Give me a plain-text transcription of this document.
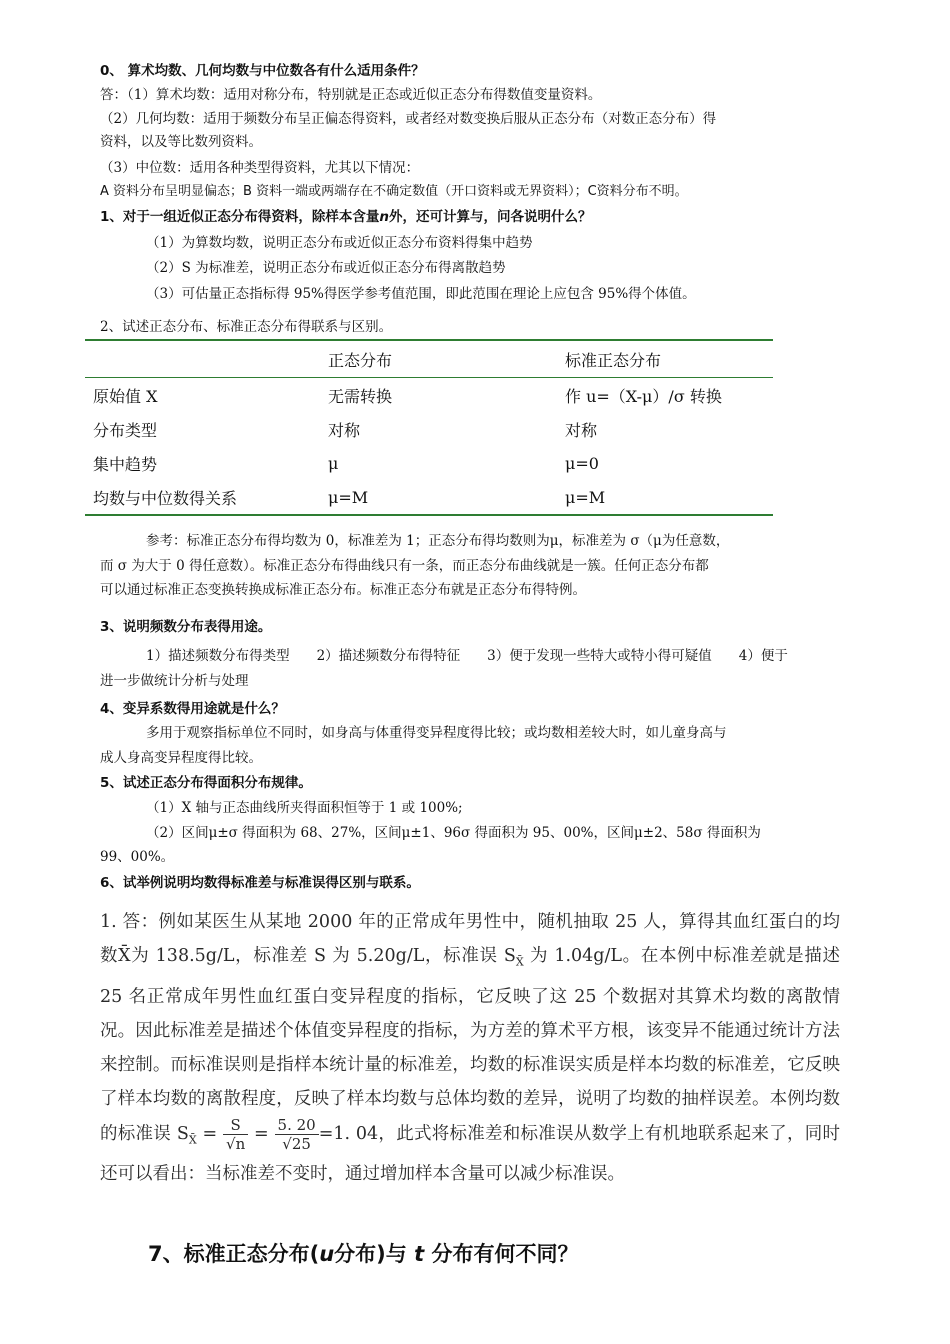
0、 算术均数、几何均数与中位数各有什么适用条件？
答：（1）算术均数：适用对称分布，特别就是正态或近似正态分布得数值变量资料。
（2）几何均数：适用于频数分布呈正偏态得资料，或者经对数变换后服从正态分布（对数正态分布）得
资料，以及等比数列资料。
（3）中位数：适用各种类型得资料，尤其以下情况：
A 资料分布呈明显偏态；B 资料一端或两端存在不确定数值（开口资料或无界资料）；C资料分布不明。
1、对于一组近似正态分布得资料，除样本含量n外，还可计算与，问各说明什么？
（1）为算数均数，说明正态分布或近似正态分布资料得集中趋势
（2）S 为标准差，说明正态分布或近似正态分布得离散趋势
（3）可估量正态指标得 95%得医学参考值范围，即此范围在理论上应包含 95%得个体值。
2、试述正态分布、标准正态分布得联系与区别。
	正态分布	标准正态分布
原始值 X	无需转换	作 u=（X-μ）/σ 转换
分布类型	对称	对称
集中趋势	μ	μ=0
均数与中位数得关系	μ=M	μ=M
参考：标准正态分布得均数为 0，标准差为 1；正态分布得均数则为μ，标准差为 σ（μ为任意数，
而 σ 为大于 0 得任意数）。标准正态分布得曲线只有一条，而正态分布曲线就是一簇。任何正态分布都
可以通过标准正态变换转换成标准正态分布。标准正态分布就是正态分布得特例。
3、说明频数分布表得用途。
1）描述频数分布得类型　　2）描述频数分布得特征　　3）便于发现一些特大或特小得可疑值　　4）便于
进一步做统计分析与处理
4、变异系数得用途就是什么？
多用于观察指标单位不同时，如身高与体重得变异程度得比较；或均数相差较大时，如儿童身高与
成人身高变异程度得比较。
5、试述正态分布得面积分布规律。
（1）X 轴与正态曲线所夹得面积恒等于 1 或 100%;
（2）区间μ±σ 得面积为 68、27%，区间μ±1、96σ 得面积为 95、00%，区间μ±2、58σ 得面积为
99、00%。
6、试举例说明均数得标准差与标准误得区别与联系。
1. 答：例如某医生从某地 2000 年的正常成年男性中，随机抽取 25 人，算得其血红蛋白的均数X̄为 138.5g/L，标准差 S 为 5.20g/L，标准误 $S_{X̄}$ 为 1.04g/L。在本例中标准差就是描述 25 名正常成年男性血红蛋白变异程度的指标，它反映了这 25 个数据对其算术均数的离散情况。因此标准差是描述个体值变异程度的指标，为方差的算术平方根，该变异不能通过统计方法来控制。而标准误则是指样本统计量的标准差，均数的标准误实质是样本均数的标准差，它反映了样本均数的离散程度，反映了样本均数与总体均数的差异，说明了均数的抽样误差。本例均数的标准误 $S_{X̄} = \frac{S}{√n} = \frac{5. 20}{√25} =1$. 04，此式将标准差和标准误从数学上有机地联系起来了，同时还可以看出：当标准差不变时，通过增加样本含量可以减少标准误。
7、标准正态分布(u分布)与 t 分布有何不同？
